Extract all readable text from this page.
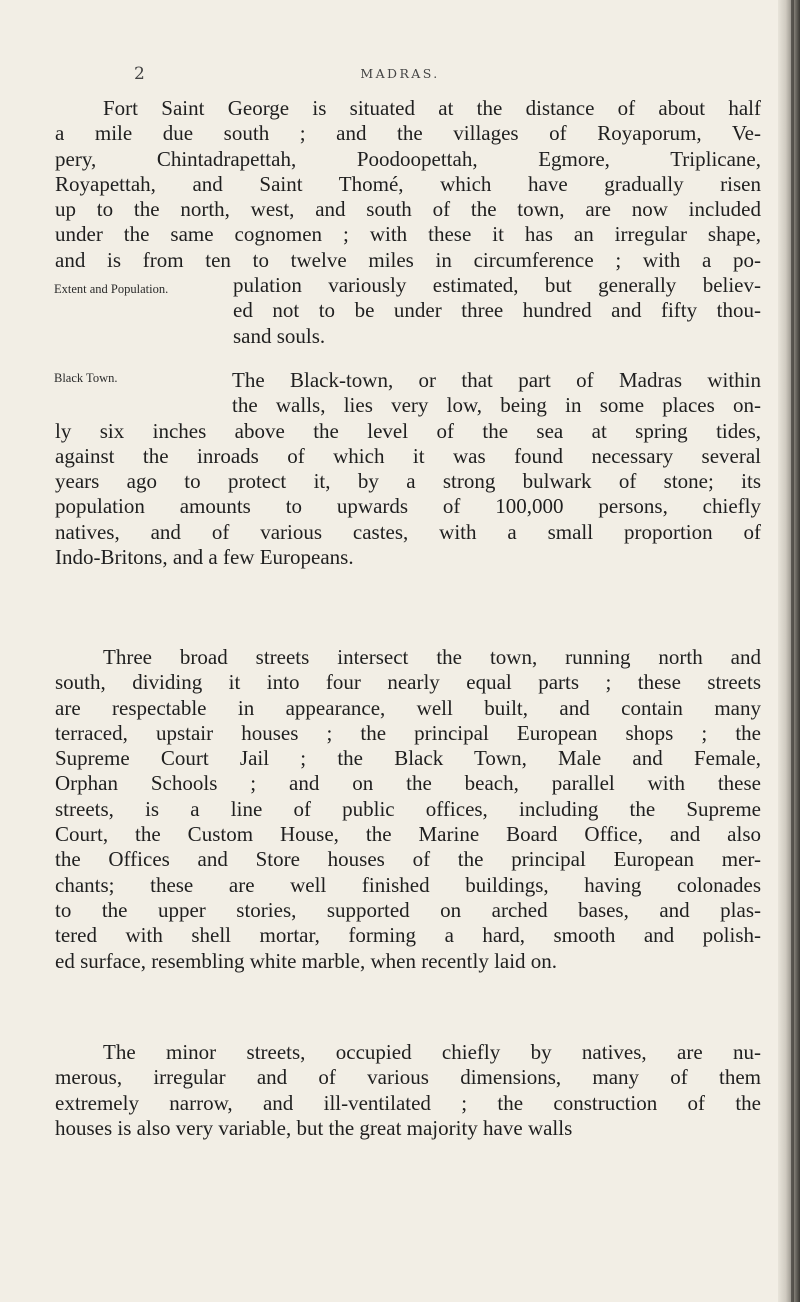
2	MADRAS.
Fort Saint George is situated at the distance of about half
a mile due south ; and the villages of Royaporum, Ve-
pery, Chintadrapettah, Poodoopettah, Egmore, Triplicane,
Royapettah, and Saint Thomé, which have gradually risen
up to the north, west, and south of the town, are now included
under the same cognomen ; with these it has an irregular shape,
and is from ten to twelve miles in circumference ; with a po-
pulation variously estimated, but generally believ-
ed not to be under three hundred and fifty thou-
sand souls.
Extent and Population.
The Black-town, or that part of Madras within
the walls, lies very low, being in some places on-
ly six inches above the level of the sea at spring tides,
against the inroads of which it was found necessary several
years ago to protect it, by a strong bulwark of stone; its
population amounts to upwards of 100,000 persons, chiefly
natives, and of various castes, with a small proportion of
Indo-Britons, and a few Europeans.
Black Town.
Three broad streets intersect the town, running north and
south, dividing it into four nearly equal parts ; these streets
are respectable in appearance, well built, and contain many
terraced, upstair houses ; the principal European shops ; the
Supreme Court Jail ; the Black Town, Male and Female,
Orphan Schools ; and on the beach, parallel with these
streets, is a line of public offices, including the Supreme
Court, the Custom House, the Marine Board Office, and also
the Offices and Store houses of the principal European mer-
chants; these are well finished buildings, having colonades
to the upper stories, supported on arched bases, and plas-
tered with shell mortar, forming a hard, smooth and polish-
ed surface, resembling white marble, when recently laid on.
The minor streets, occupied chiefly by natives, are nu-
merous, irregular and of various dimensions, many of them
extremely narrow, and ill-ventilated ; the construction of the
houses is also very variable, but the great majority have walls
